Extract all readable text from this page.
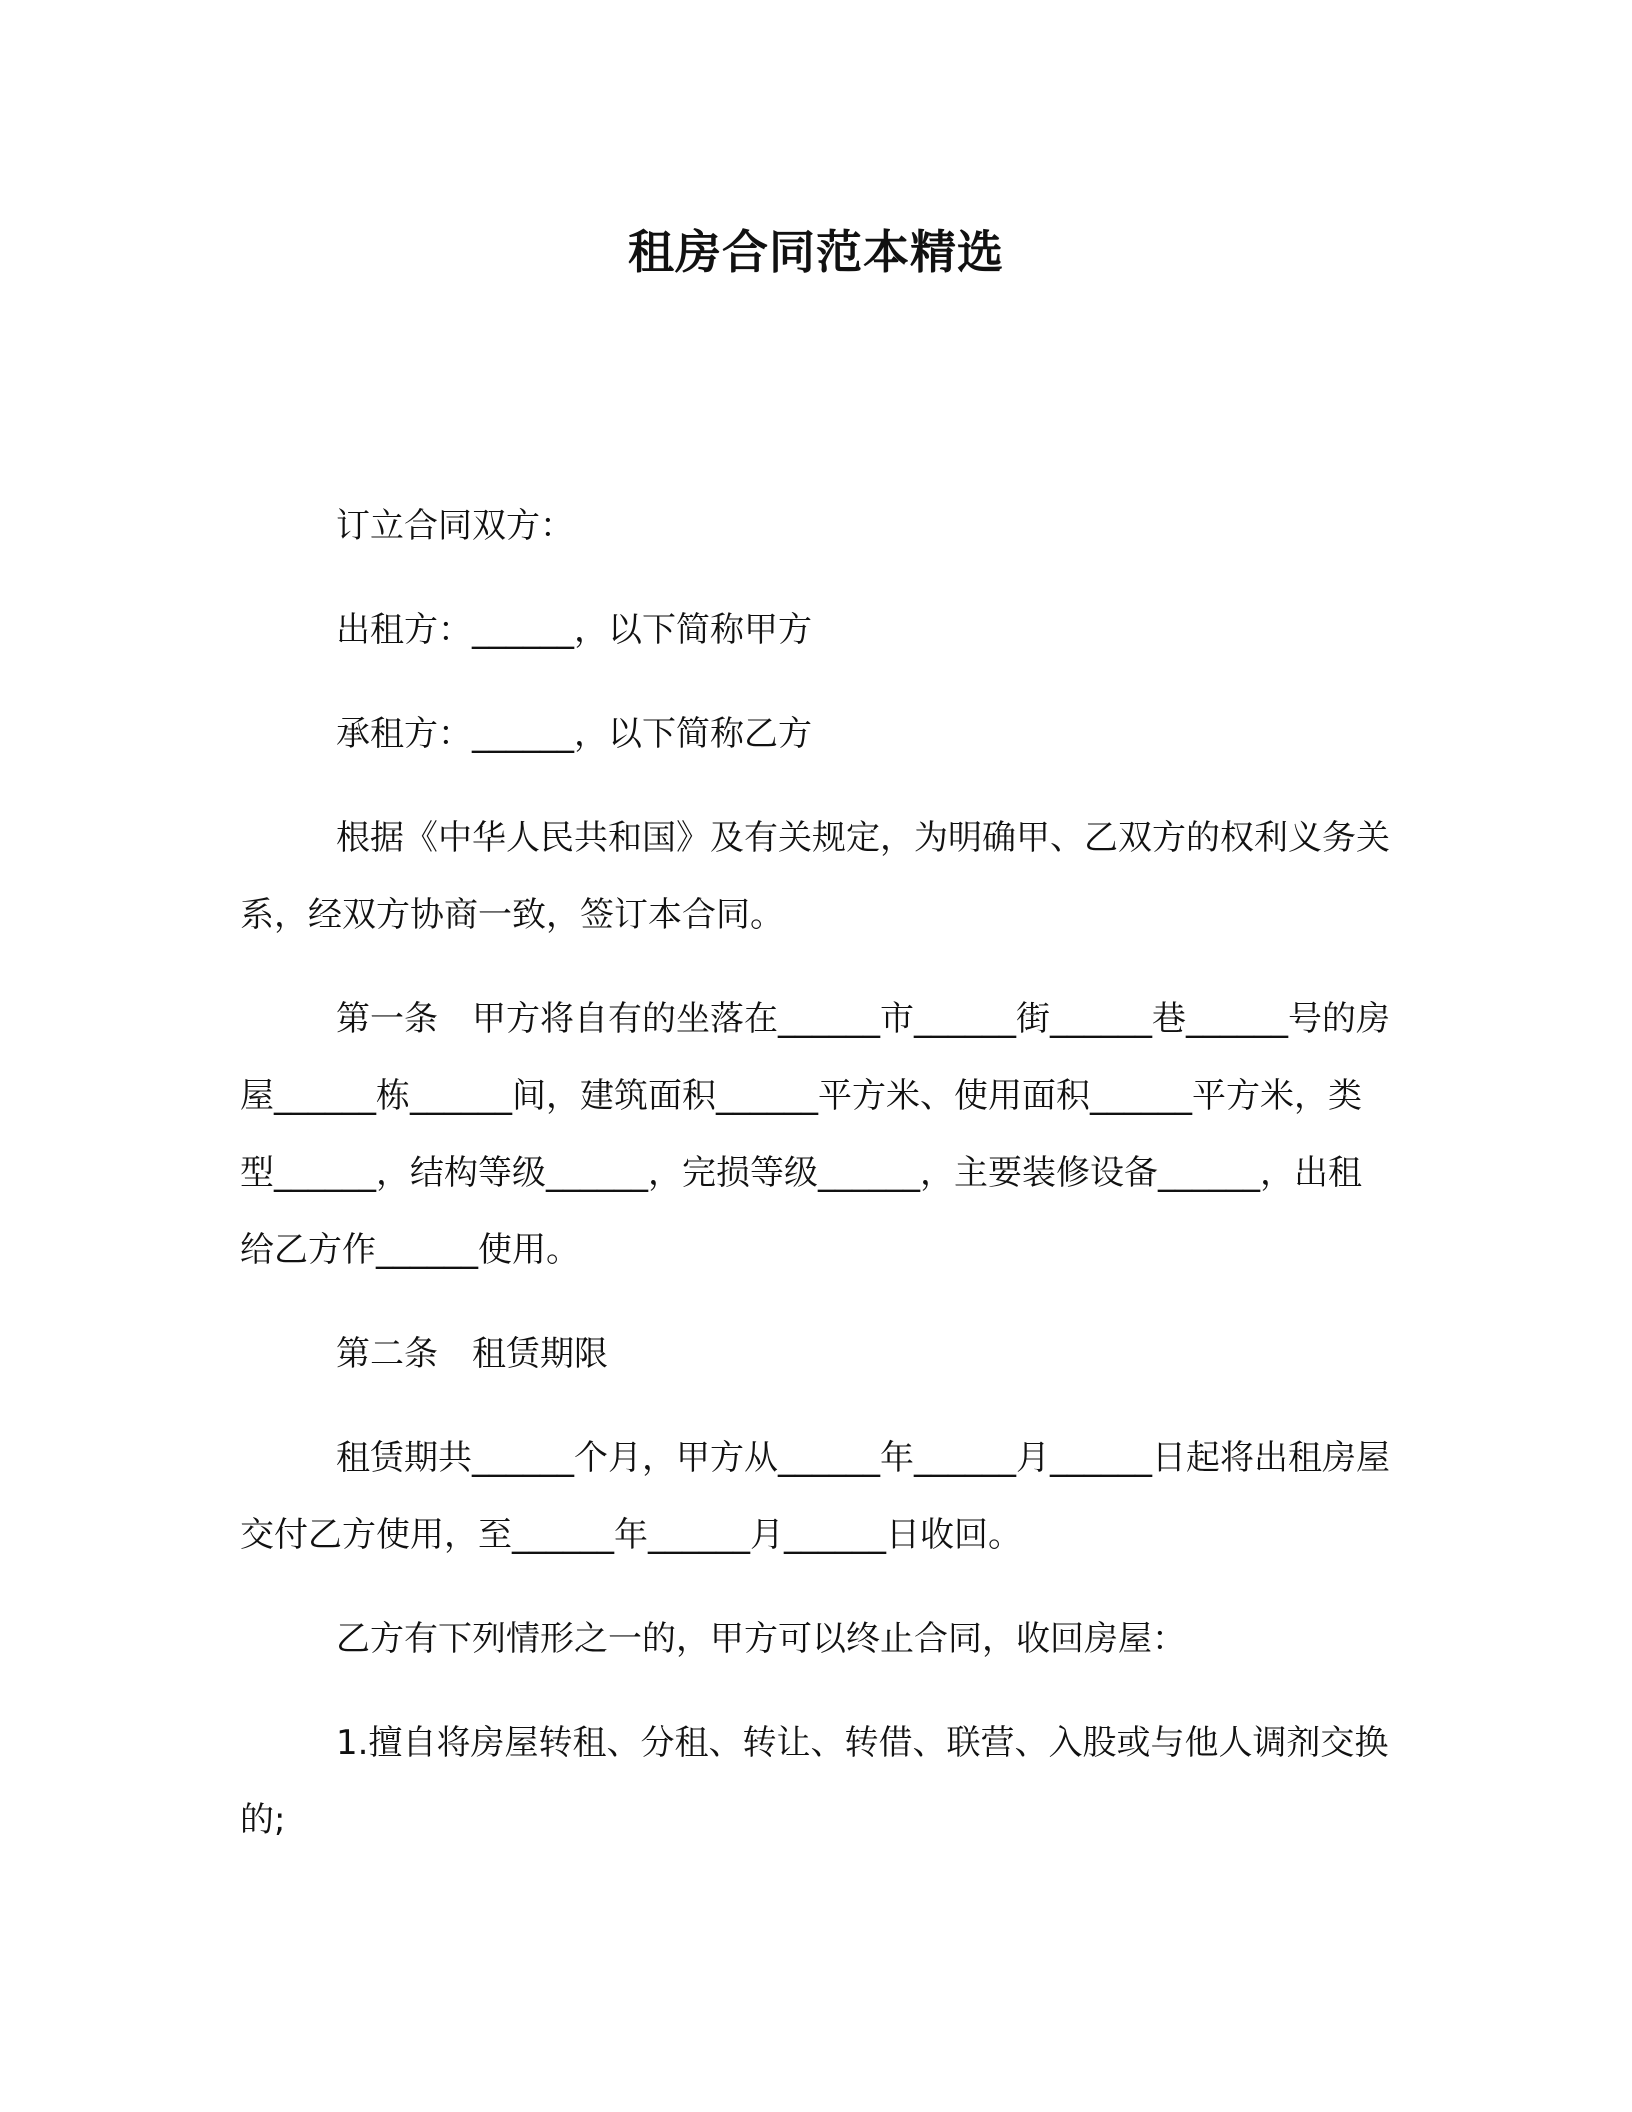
租房合同范本精选

订立合同双方：

出租方：______，以下简称甲方

承租方：______，以下简称乙方

根据《中华人民共和国》及有关规定，为明确甲、乙双方的权利义务关系，经双方协商一致，签订本合同。

第一条　甲方将自有的坐落在______市______街______巷______号的房屋______栋______间，建筑面积______平方米、使用面积______平方米，类型______，结构等级______，完损等级______，主要装修设备______，出租给乙方作______使用。

第二条　租赁期限

租赁期共______个月，甲方从______年______月______日起将出租房屋交付乙方使用，至______年______月______日收回。

乙方有下列情形之一的，甲方可以终止合同，收回房屋：

1.擅自将房屋转租、分租、转让、转借、联营、入股或与他人调剂交换的;
